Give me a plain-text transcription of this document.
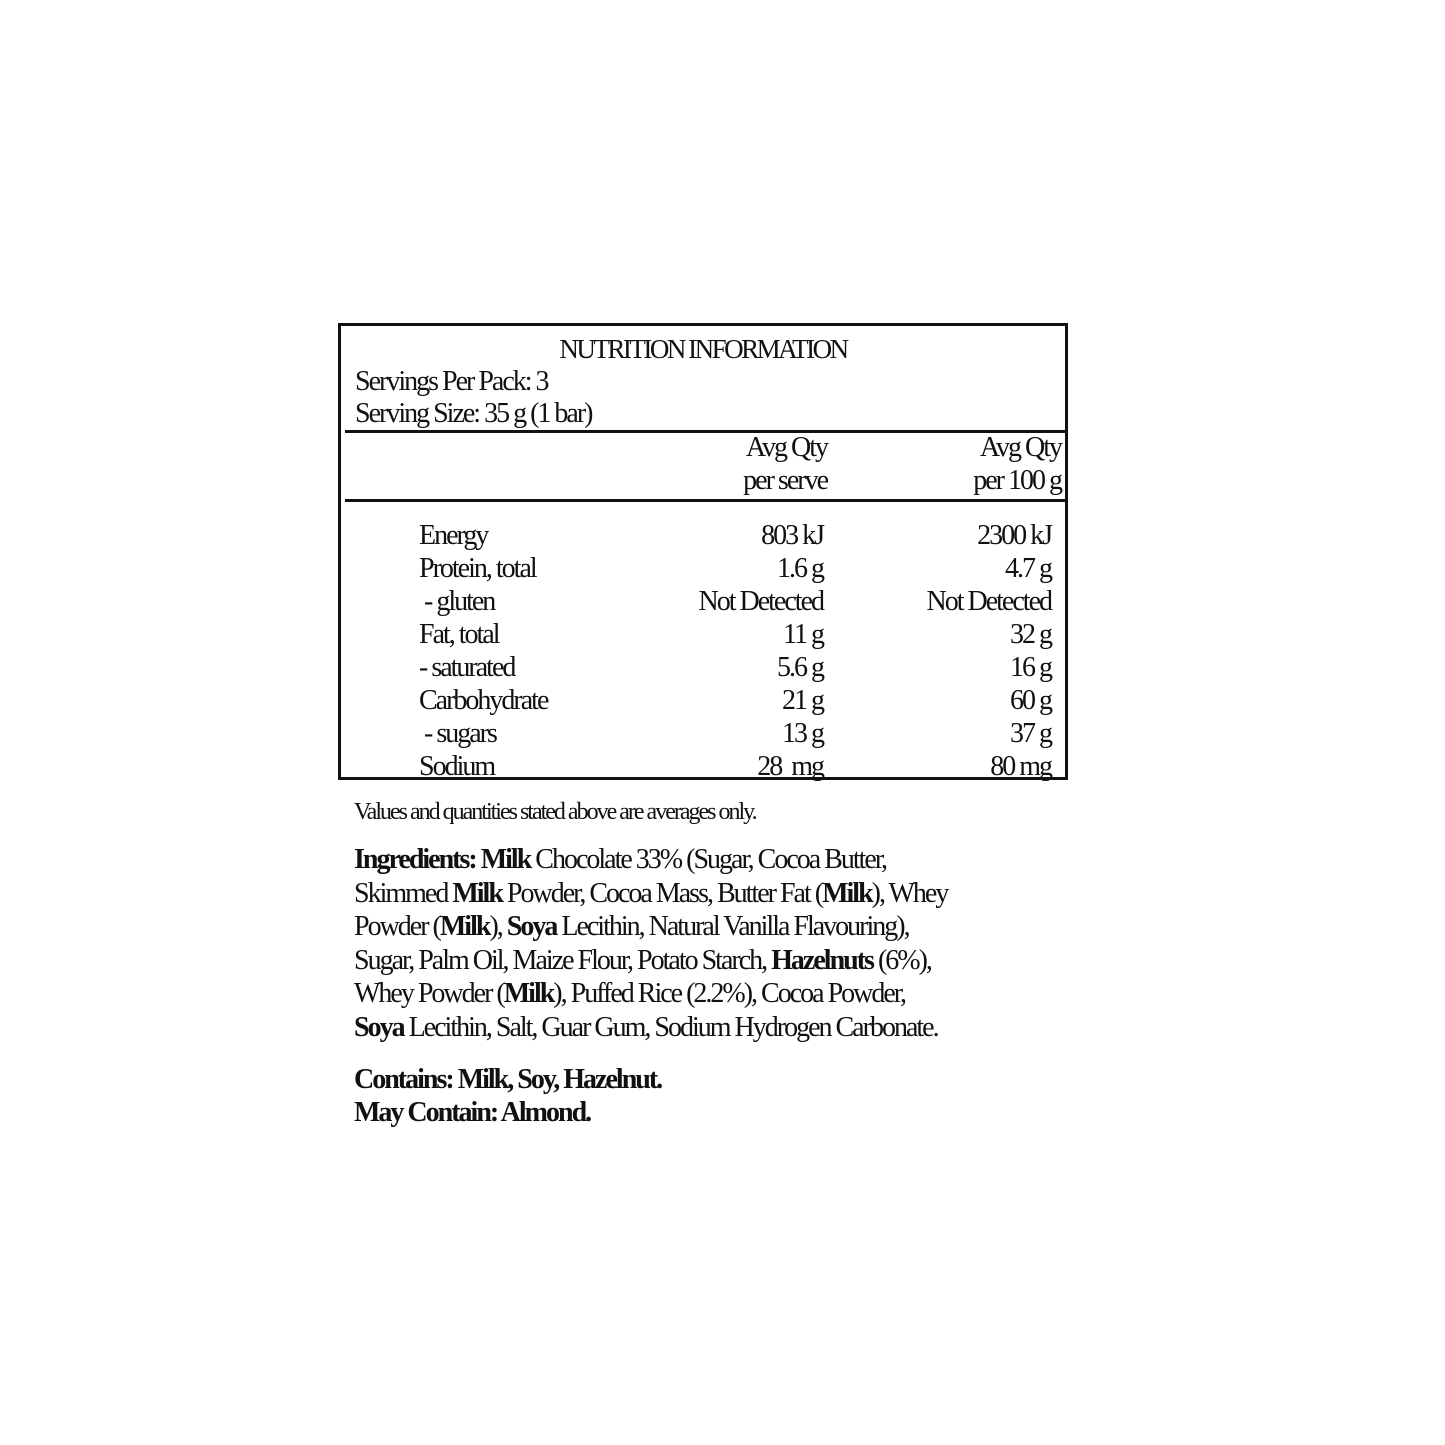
NUTRITION INFORMATION
Servings Per Pack: 3
Serving Size: 35 g (1 bar)
Avg Qty
per serve
Avg Qty
per 100 g
Energy	803 kJ	2300 kJ
Protein, total	1.6 g	4.7 g
- gluten	Not Detected	Not Detected
Fat, total	11 g	32 g
- saturated	5.6 g	16 g
Carbohydrate	21 g	60 g
- sugars	13 g	37 g
Sodium	28  mg	80 mg
Values and quantities stated above are averages only.
Ingredients: Milk Chocolate 33% (Sugar, Cocoa Butter,
Skimmed Milk Powder, Cocoa Mass, Butter Fat (Milk), Whey
Powder (Milk), Soya Lecithin, Natural Vanilla Flavouring),
Sugar, Palm Oil, Maize Flour, Potato Starch, Hazelnuts (6%),
Whey Powder (Milk), Puffed Rice (2.2%), Cocoa Powder,
Soya Lecithin, Salt, Guar Gum, Sodium Hydrogen Carbonate.
Contains: Milk, Soy, Hazelnut.
May Contain: Almond.
